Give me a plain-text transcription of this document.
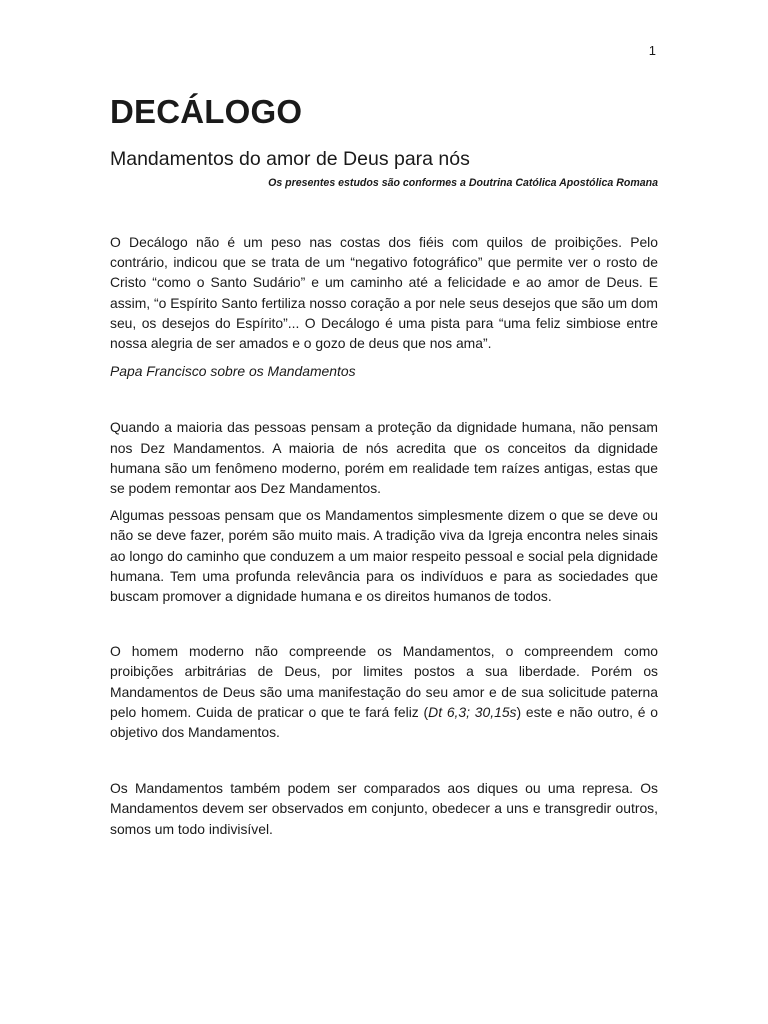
1
DECÁLOGO
Mandamentos do amor de Deus para nós
Os presentes estudos são conformes a Doutrina Católica Apostólica Romana

O Decálogo não é um peso nas costas dos fiéis com quilos de proibições. Pelo contrário, indicou que se trata de um “negativo fotográfico” que permite ver o rosto de Cristo “como o Santo Sudário” e um caminho até a felicidade e ao amor de Deus. E assim, “o Espírito Santo fertiliza nosso coração a por nele seus desejos que são um dom seu, os desejos do Espírito”... O Decálogo é uma pista para “uma feliz simbiose entre nossa alegria de ser amados e o gozo de deus que nos ama”.

Papa Francisco sobre os Mandamentos

Quando a maioria das pessoas pensam a proteção da dignidade humana, não pensam nos Dez Mandamentos. A maioria de nós acredita que os conceitos da dignidade humana são um fenômeno moderno, porém em realidade tem raízes antigas, estas que se podem remontar aos Dez Mandamentos.

Algumas pessoas pensam que os Mandamentos simplesmente dizem o que se deve ou não se deve fazer, porém são muito mais. A tradição viva da Igreja encontra neles sinais ao longo do caminho que conduzem a um maior respeito pessoal e social pela dignidade humana. Tem uma profunda relevância para os indivíduos e para as sociedades que buscam promover a dignidade humana e os direitos humanos de todos.

O homem moderno não compreende os Mandamentos, o compreendem como proibições arbitrárias de Deus, por limites postos a sua liberdade. Porém os Mandamentos de Deus são uma manifestação do seu amor e de sua solicitude paterna pelo homem. Cuida de praticar o que te fará feliz (Dt 6,3; 30,15s) este e não outro, é o objetivo dos Mandamentos.

Os Mandamentos também podem ser comparados aos diques ou uma represa. Os Mandamentos devem ser observados em conjunto, obedecer a uns e transgredir outros, somos um todo indivisível.
